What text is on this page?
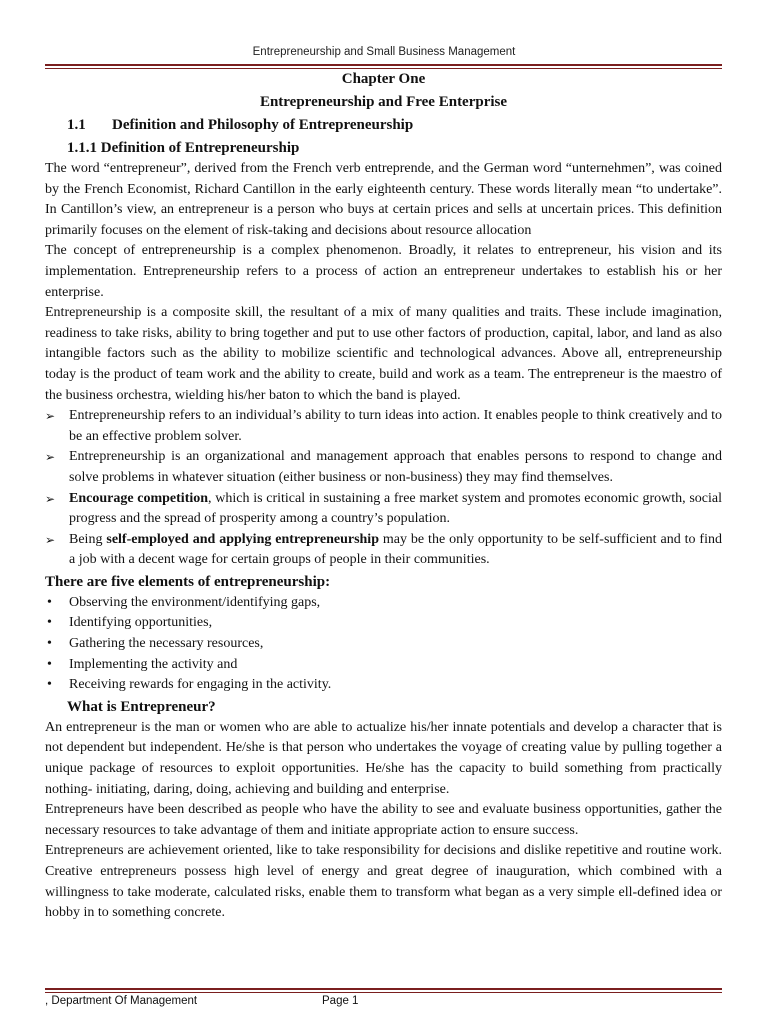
Entrepreneurship and Small Business Management
Chapter One
Entrepreneurship and Free Enterprise
1.1 Definition and Philosophy of Entrepreneurship
1.1.1 Definition of Entrepreneurship

The word “entrepreneur”, derived from the French verb entreprende, and the German word “unternehmen”, was coined by the French Economist, Richard Cantillon in the early eighteenth century. These words literally mean “to undertake”. In Cantillon’s view, an entrepreneur is a person who buys at certain prices and sells at uncertain prices. This definition primarily focuses on the element of risk-taking and decisions about resource allocation

The concept of entrepreneurship is a complex phenomenon. Broadly, it relates to entrepreneur, his vision and its implementation. Entrepreneurship refers to a process of action an entrepreneur undertakes to establish his or her enterprise.

Entrepreneurship is a composite skill, the resultant of a mix of many qualities and traits. These include imagination, readiness to take risks, ability to bring together and put to use other factors of production, capital, labor, and land as also intangible factors such as the ability to mobilize scientific and technological advances. Above all, entrepreneurship today is the product of team work and the ability to create, build and work as a team. The entrepreneur is the maestro of the business orchestra, wielding his/her baton to which the band is played.

➢ Entrepreneurship refers to an individual’s ability to turn ideas into action. It enables people to think creatively and to be an effective problem solver.
➢ Entrepreneurship is an organizational and management approach that enables persons to respond to change and solve problems in whatever situation (either business or non-business) they may find themselves.
➢ Encourage competition, which is critical in sustaining a free market system and promotes economic growth, social progress and the spread of prosperity among a country’s population.
➢ Being self-employed and applying entrepreneurship may be the only opportunity to be self-sufficient and to find a job with a decent wage for certain groups of people in their communities.
There are five elements of entrepreneurship:
• Observing the environment/identifying gaps,
• Identifying opportunities,
• Gathering the necessary resources,
• Implementing the activity and
• Receiving rewards for engaging in the activity.
What is Entrepreneur?

An entrepreneur is the man or women who are able to actualize his/her innate potentials and develop a character that is not dependent but independent. He/she is that person who undertakes the voyage of creating value by pulling together a unique package of resources to exploit opportunities. He/she has the capacity to build something from practically nothing- initiating, daring, doing, achieving and building and enterprise.

Entrepreneurs have been described as people who have the ability to see and evaluate business opportunities, gather the necessary resources to take advantage of them and initiate appropriate action to ensure success.

Entrepreneurs are achievement oriented, like to take responsibility for decisions and dislike repetitive and routine work. Creative entrepreneurs possess high level of energy and great degree of inauguration, which combined with a willingness to take moderate, calculated risks, enable them to transform what began as a very simple ell-defined idea or hobby in to something concrete.

, Department Of Management	Page 1
